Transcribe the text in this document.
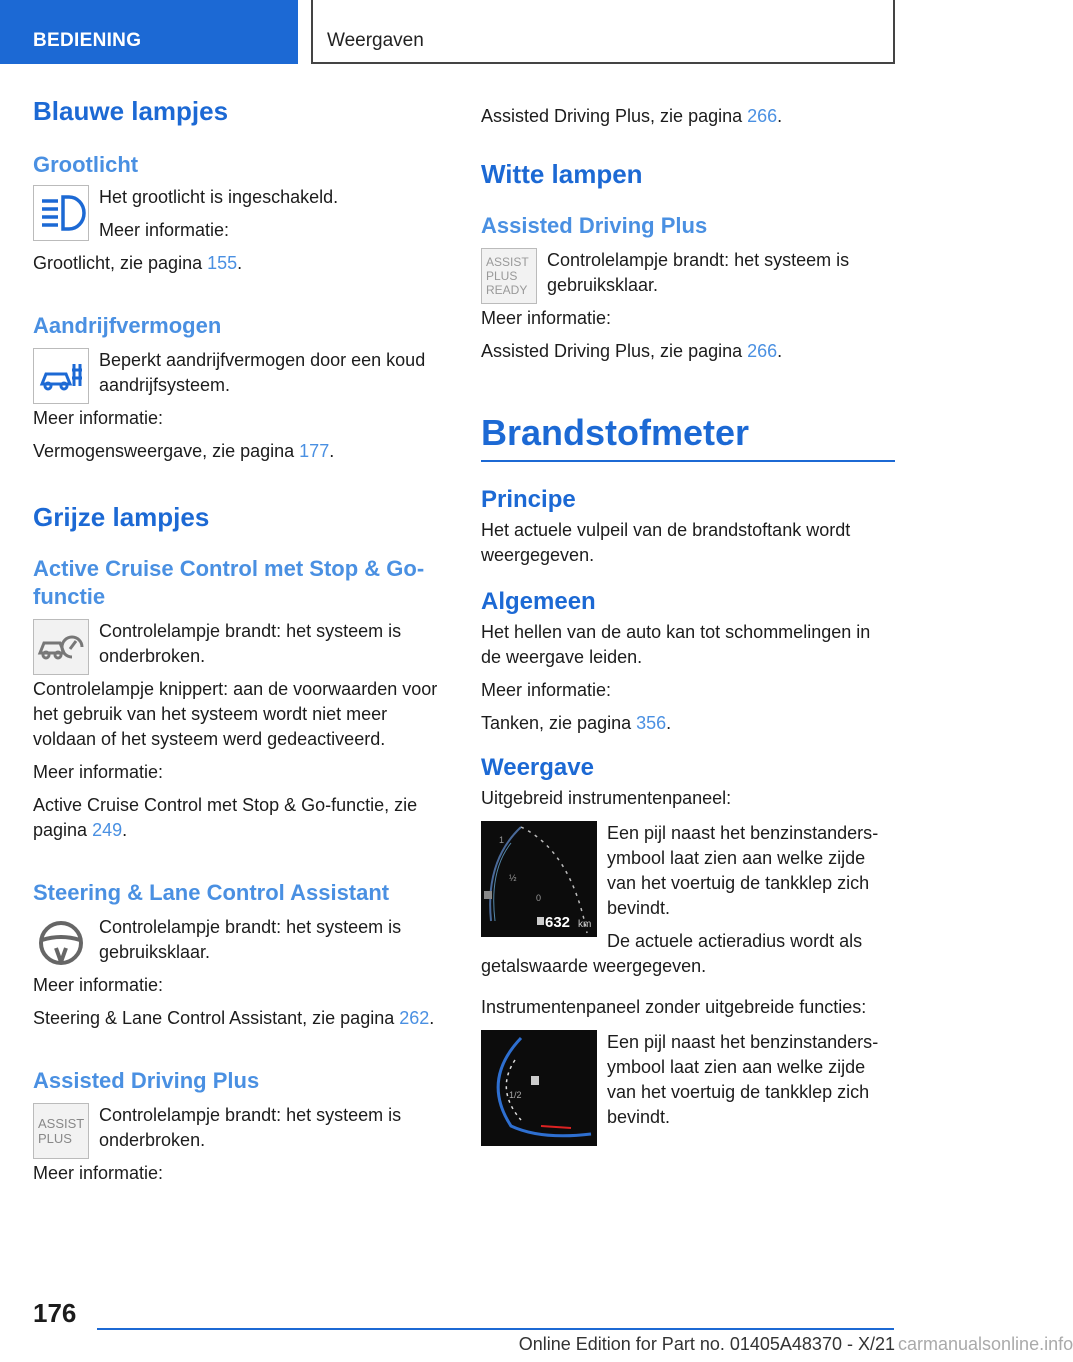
BEDIENING	Weergaven
Blauwe lampjes
Grootlicht

Het grootlicht is ingeschakeld.

Meer informatie:

Grootlicht, zie pagina 155.

Aandrijfvermogen

Beperkt aandrijfvermogen door een koud aandrijfsysteem.

Meer informatie:

Vermogensweergave, zie pagina 177.

Grijze lampjes
Active Cruise Control met Stop & Go-functie

Controlelampje brandt: het systeem is onderbroken.

Controlelampje knippert: aan de voorwaarden voor het gebruik van het systeem wordt niet meer voldaan of het systeem werd gedeactiveerd.

Meer informatie:

Active Cruise Control met Stop & Go-functie, zie pagina 249.

Steering & Lane Control Assistant

Controlelampje brandt: het systeem is gebruiksklaar.

Meer informatie:

Steering & Lane Control Assistant, zie pagina 262.

Assisted Driving Plus
ASSIST
PLUS

Controlelampje brandt: het systeem is onderbroken.

Meer informatie:

Assisted Driving Plus, zie pagina 266.

Witte lampen
Assisted Driving Plus
ASSIST
PLUS
READY

Controlelampje brandt: het systeem is gebruiksklaar.

Meer informatie:

Assisted Driving Plus, zie pagina 266.

Brandstofmeter
Principe

Het actuele vulpeil van de brandstoftank wordt weergegeven.

Algemeen

Het hellen van de auto kan tot schommelingen in de weergave leiden.

Meer informatie:

Tanken, zie pagina 356.

Weergave

Uitgebreid instrumentenpaneel:

1
½
0
632 km

Een pijl naast het benzinstandersymbool laat zien aan welke zijde van het voertuig de tankklep zich bevindt.

De actuele actieradius wordt als getalswaarde weergegeven.

Instrumentenpaneel zonder uitgebreide functies:

1/2

Een pijl naast het benzinstandersymbool laat zien aan welke zijde van het voertuig de tankklep zich bevindt.

176
Online Edition for Part no. 01405A48370 - X/21 carmanualsonline.info
